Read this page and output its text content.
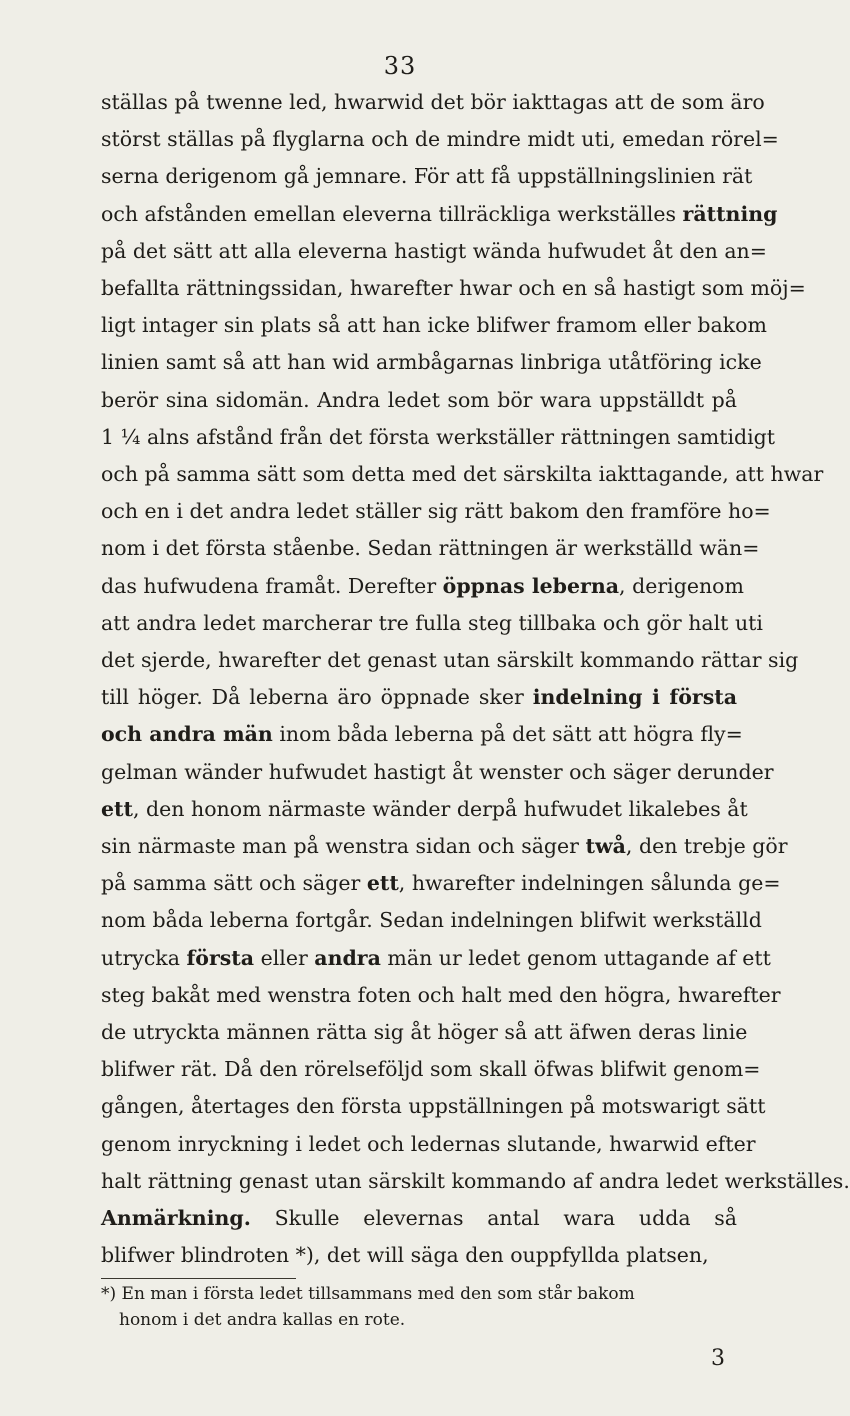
33
ställas på twenne led, hwarwid det bör iakttagas att de som äro
störst ställas på flyglarna och de mindre midt uti, emedan rörel=
serna derigenom gå jemnare. För att få uppställningslinien rät
och afstånden emellan eleverna tillräckliga werkställes rättning
på det sätt att alla eleverna hastigt wända hufwudet åt den an=
befallta rättningssidan, hwarefter hwar och en så hastigt som möj=
ligt intager sin plats så att han icke blifwer framom eller bakom
linien samt så att han wid armbågarnas linbriga utåtföring icke
berör sina sidomän. Andra ledet som bör wara uppställdt på
1 ¼ alns afstånd från det första werkställer rättningen samtidigt
och på samma sätt som detta med det särskilta iakttagande, att hwar
och en i det andra ledet ställer sig rätt bakom den framföre ho=
nom i det första ståenbe. Sedan rättningen är werkställd wän=
das hufwudena framåt. Derefter öppnas leberna, derigenom
att andra ledet marcherar tre fulla steg tillbaka och gör halt uti
det sjerde, hwarefter det genast utan särskilt kommando rättar sig
till höger. Då leberna äro öppnade sker indelning i första
och andra män inom båda leberna på det sätt att högra fly=
gelman wänder hufwudet hastigt åt wenster och säger derunder
ett, den honom närmaste wänder derpå hufwudet likalebes åt
sin närmaste man på wenstra sidan och säger twå, den trebje gör
på samma sätt och säger ett, hwarefter indelningen sålunda ge=
nom båda leberna fortgår. Sedan indelningen blifwit werkställd
utryckа första eller andra män ur ledet genom uttagande af ett
steg bakåt med wenstra foten och halt med den högra, hwarefter
de utryckta männen rätta sig åt höger så att äfwen deras linie
blifwer rät. Då den rörelseföljd som skall öfwas blifwit genom=
gången, återtages den första uppställningen på motswarigt sätt
genom inryckning i ledet och ledernas slutande, hwarwid efter
halt rättning genast utan särskilt kommando af andra ledet werkställes.
Anmärkning. Skulle elevernas antal wara udda så
blifwer blindroten *), det will säga den ouppfyllda platsen,
*) En man i första ledet tillsammans med den som står bakom
honom i det andra kallas en rote.
3
